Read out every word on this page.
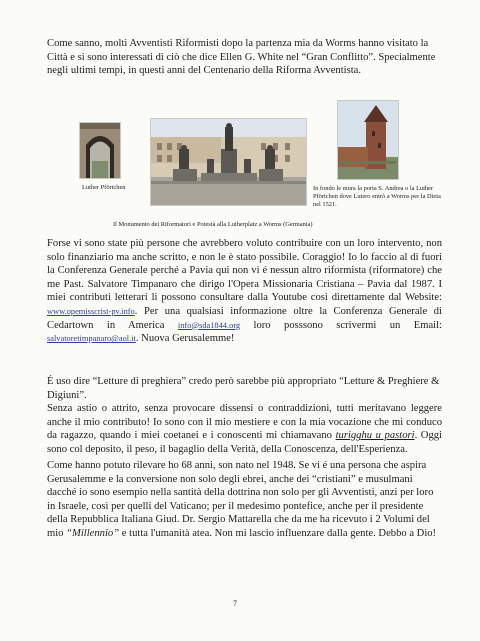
Come sanno, molti Avventisti Riformisti dopo la partenza mia da Worms hanno visitato la Città e si sono interessati di ciò che dice Ellen G. White nel “Gran Conflitto”. Specialmente negli ultimi tempi, in questi anni del Centenario della Riforma Avventista.

Luther Pförtchen

Il Monumento dei Riformatori e Potestà alla Lutherplatz a Worms (Germania)

In fondo le mura la porta S. Andrea o la Luther Pförtchen dove Lutero entrò a Worms per la Dieta nel 1521.

Forse vi sono state più persone che avrebbero voluto contribuire con un loro intervento, non solo finanziario ma anche scritto, e non le è stato possibile. Coraggio! Io lo faccio al di fuori la Conferenza Generale perché a Pavia qui non vi é nessun altro riformista (riformatore) che me Past. Salvatore Timpanaro che dirigo l'Opera Missionaria Cristiana – Pavia dal 1987. I miei contributi letterari li possono consultare dalla Youtube così direttamente dal Website: www.opemisscrist-pv.info. Per una qualsiasi informazione oltre la Conferenza Generale di Cedartown in America info@sda1844.org loro posssono scrivermi un Email: salvatoretimpanaro@aol.it. Nuova Gerusalemme!

É uso dire “Letture di preghiera” credo però sarebbe più appropriato “Letture & Preghiere & Digiuni”.

Senza astio o attrito, senza provocare dissensi o contraddizioni, tutti meritavano leggere anche il mio contributo! Io sono con il mio mestiere e con la mia vocazione che mi conduco da ragazzo, quando i miei coetanei e i conoscenti mi chiamavano turigghu u pastori. Oggi sono col deposito, il peso, il bagaglio della Verità, della Conoscenza, dell'Esperienza.

Come hanno potuto rilevare ho 68 anni, son nato nel 1948. Se vi é una persona che aspira Gerusalemme e la conversione non solo degli ebrei, anche dei “cristiani” e musulmani dacché io sono esempio nella santità della dottrina non solo per gli Avventisti, anzi per loro in Israele, così per quelli del Vaticano; per il medesimo pontefice, anche per il presidente della Repubblica Italiana Giud. Dr. Sergio Mattarella che da me ha ricevuto i 2 Volumi del mio “Millennio” e tutta l'umanità atea. Non mi lascio influenzare dalla gente. Debbo a Dio!

7
